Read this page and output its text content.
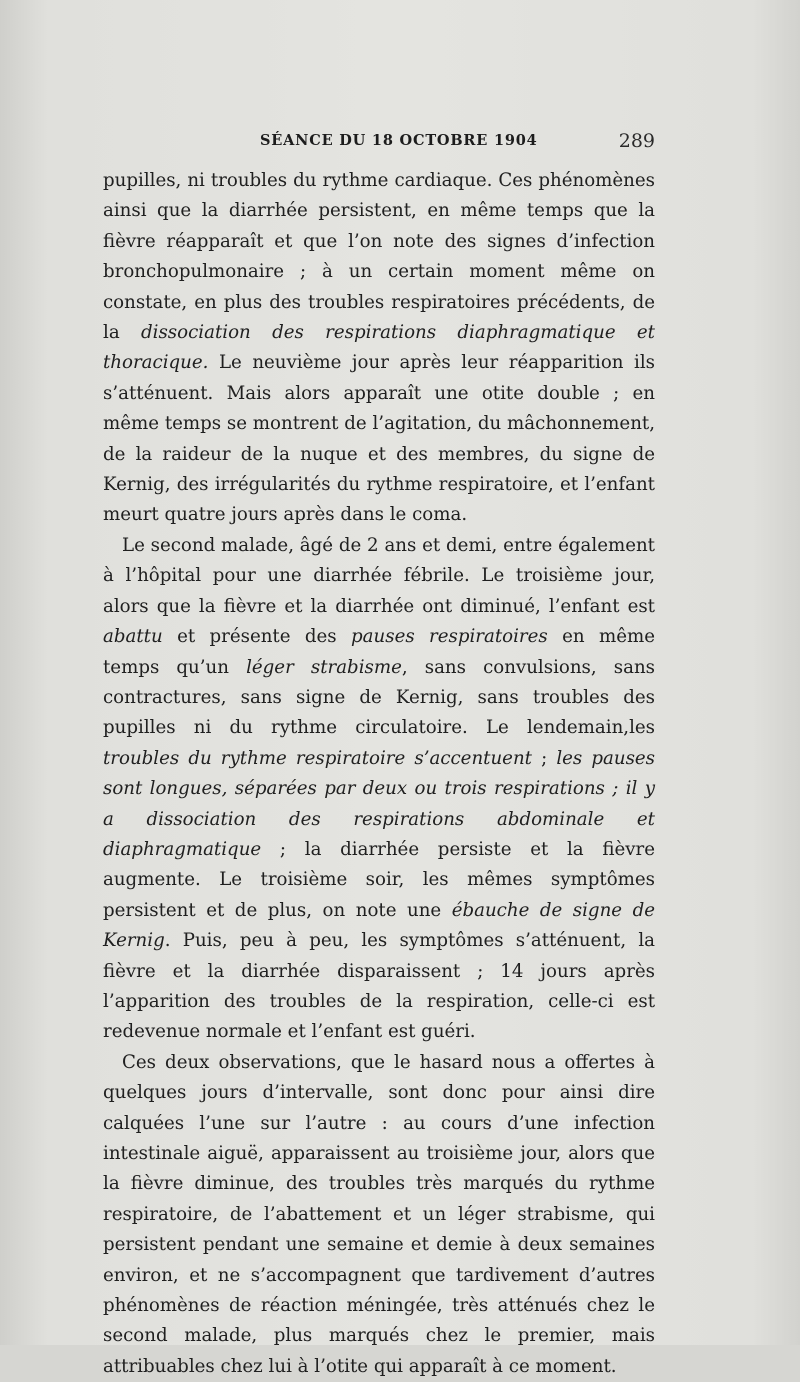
SÉANCE DU 18 OCTOBRE 1904	289

pupilles, ni troubles du rythme cardiaque. Ces phénomènes ainsi que la diarrhée persistent, en même temps que la fièvre réapparaît et que l’on note des signes d’infection bronchopulmonaire ; à un certain moment même on constate, en plus des troubles respiratoires précédents, de la dissociation des respirations diaphragmatique et thoracique. Le neuvième jour après leur réapparition ils s’atténuent. Mais alors apparaît une otite double ; en même temps se montrent de l’agitation, du mâchonnement, de la raideur de la nuque et des membres, du signe de Kernig, des irrégularités du rythme respiratoire, et l’enfant meurt quatre jours après dans le coma.

Le second malade, âgé de 2 ans et demi, entre également à l’hôpital pour une diarrhée fébrile. Le troisième jour, alors que la fièvre et la diarrhée ont diminué, l’enfant est abattu et présente des pauses respiratoires en même temps qu’un léger strabisme, sans convulsions, sans contractures, sans signe de Kernig, sans troubles des pupilles ni du rythme circulatoire. Le lendemain,les troubles du rythme respiratoire s’accentuent ; les pauses sont longues, séparées par deux ou trois respirations ; il y a dissociation des respirations abdominale et diaphragmatique ; la diarrhée persiste et la fièvre augmente. Le troisième soir, les mêmes symptômes persistent et de plus, on note une ébauche de signe de Kernig. Puis, peu à peu, les symptômes s’atténuent, la fièvre et la diarrhée disparaissent ; 14 jours après l’apparition des troubles de la respiration, celle-ci est redevenue normale et l’enfant est guéri.

Ces deux observations, que le hasard nous a offertes à quelques jours d’intervalle, sont donc pour ainsi dire calquées l’une sur l’autre : au cours d’une infection intestinale aiguë, apparaissent au troisième jour, alors que la fièvre diminue, des troubles très marqués du rythme respiratoire, de l’abattement et un léger strabisme, qui persistent pendant une semaine et demie à deux semaines environ, et ne s’accompagnent que tardivement d’autres phénomènes de réaction méningée, très atténués chez le second malade, plus marqués chez le premier, mais attribuables chez lui à l’otite qui apparaît à ce moment.
